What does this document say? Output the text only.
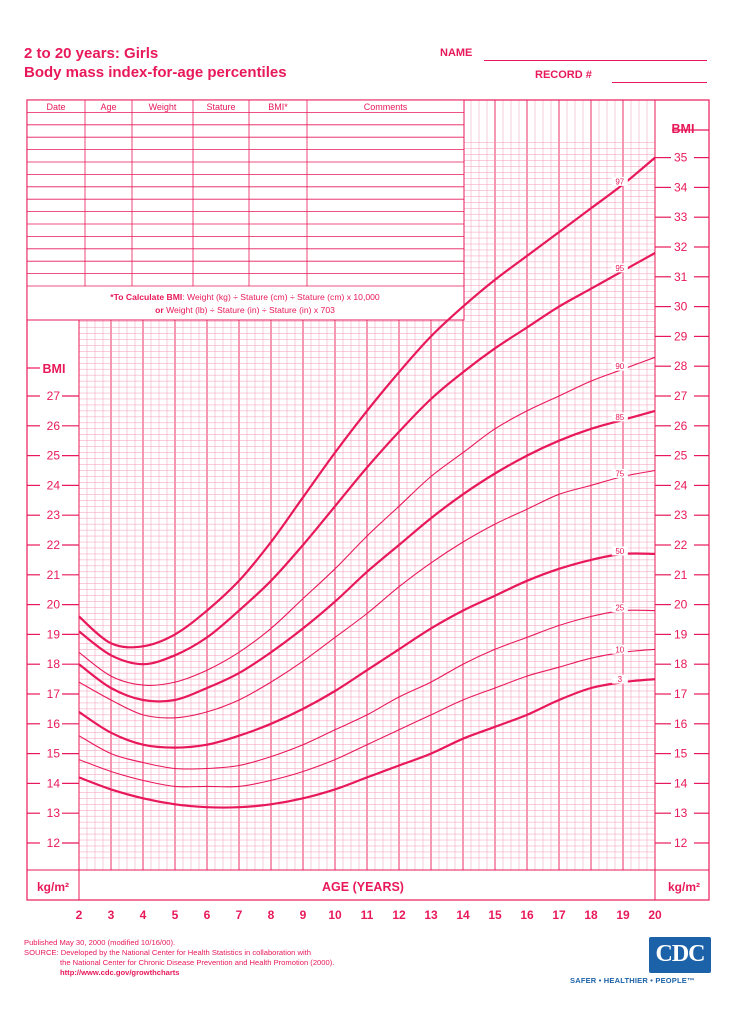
2 to 20 years: Girls
Body mass index-for-age percentiles
NAME
RECORD #
Date	Age	Weight	Stature	BMI*	Comments
*To Calculate BMI: Weight (kg) ÷ Stature (cm) ÷ Stature (cm) x 10,000
or Weight (lb) ÷ Stature (in) ÷ Stature (in) x 703
97
95
90
85
75
50
25
10
3
2 3 4 5 6 7 8 9 10 11 12 13 14 15 16 17 18 19 20
12
13
14
15
16
17
18
19
20
21
22
23
24
25
26
27
12
13
14
15
16
17
18
19
20
21
22
23
24
25
26
27
28
29
30
31
32
33
34
35
BMI
BMI
kg/m²	kg/m²
AGE (YEARS)
Published May 30, 2000 (modified 10/16/00).
SOURCE: Developed by the National Center for Health Statistics in collaboration with
the National Center for Chronic Disease Prevention and Health Promotion (2000).
http://www.cdc.gov/growthcharts
CDC
SAFER • HEALTHIER • PEOPLE™
